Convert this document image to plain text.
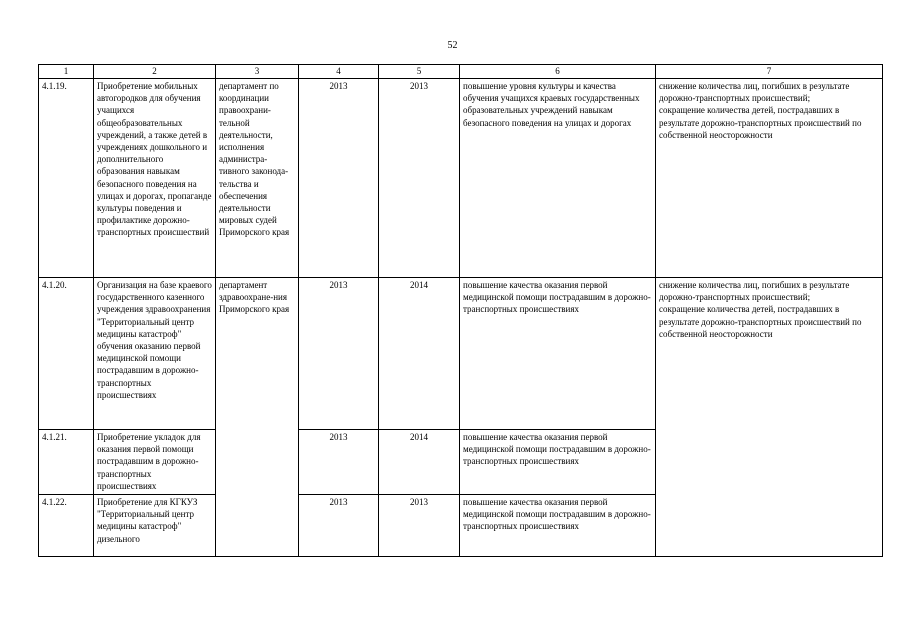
52
1	2	3	4	5	6	7
4.1.19.	Приобретение мобильных автогородков для обучения учащихся общеобразовательных учреждений, а также детей в учреждениях дошкольного и дополнительного образования навыкам безопасного поведения на улицах и дорогах, пропаганде культуры поведения и профилактике дорожно-транспортных происшествий	департамент по координации правоохрани-тельной деятельности, исполнения администра-тивного законода-тельства и обеспечения деятельности мировых судей Приморского края	2013	2013	повышение уровня культуры и качества обучения учащихся краевых государственных образовательных учреждений навыкам безопасного поведения на улицах и дорогах	снижение количества лиц, погибших в результате дорожно-транспортных происшествий;
сокращение количества детей, пострадавших в результате дорожно-транспортных происшествий по собственной неосторожности
4.1.20.	Организация на базе краевого государственного казенного учреждения здравоохранения "Территориальный центр медицины катастроф" обучения оказанию первой медицинской помощи пострадавшим в дорожно-транспортных происшествиях	департамент здравоохране-ния Приморского края	2013	2014	повышение качества оказания первой медицинской помощи пострадавшим в дорожно-транспортных происшествиях	снижение количества лиц, погибших в результате дорожно-транспортных происшествий;
сокращение количества детей, пострадавших в результате дорожно-транспортных происшествий по собственной неосторожности
4.1.21.	Приобретение укладок для оказания первой помощи пострадавшим в дорожно-транспортных происшествиях		2013	2014	повышение качества оказания первой медицинской помощи пострадавшим в дорожно-транспортных происшествиях	
4.1.22.	Приобретение для КГКУЗ "Территориальный центр медицины катастроф" дизельного		2013	2013	повышение качества оказания первой медицинской помощи пострадавшим в дорожно-транспортных происшествиях	
